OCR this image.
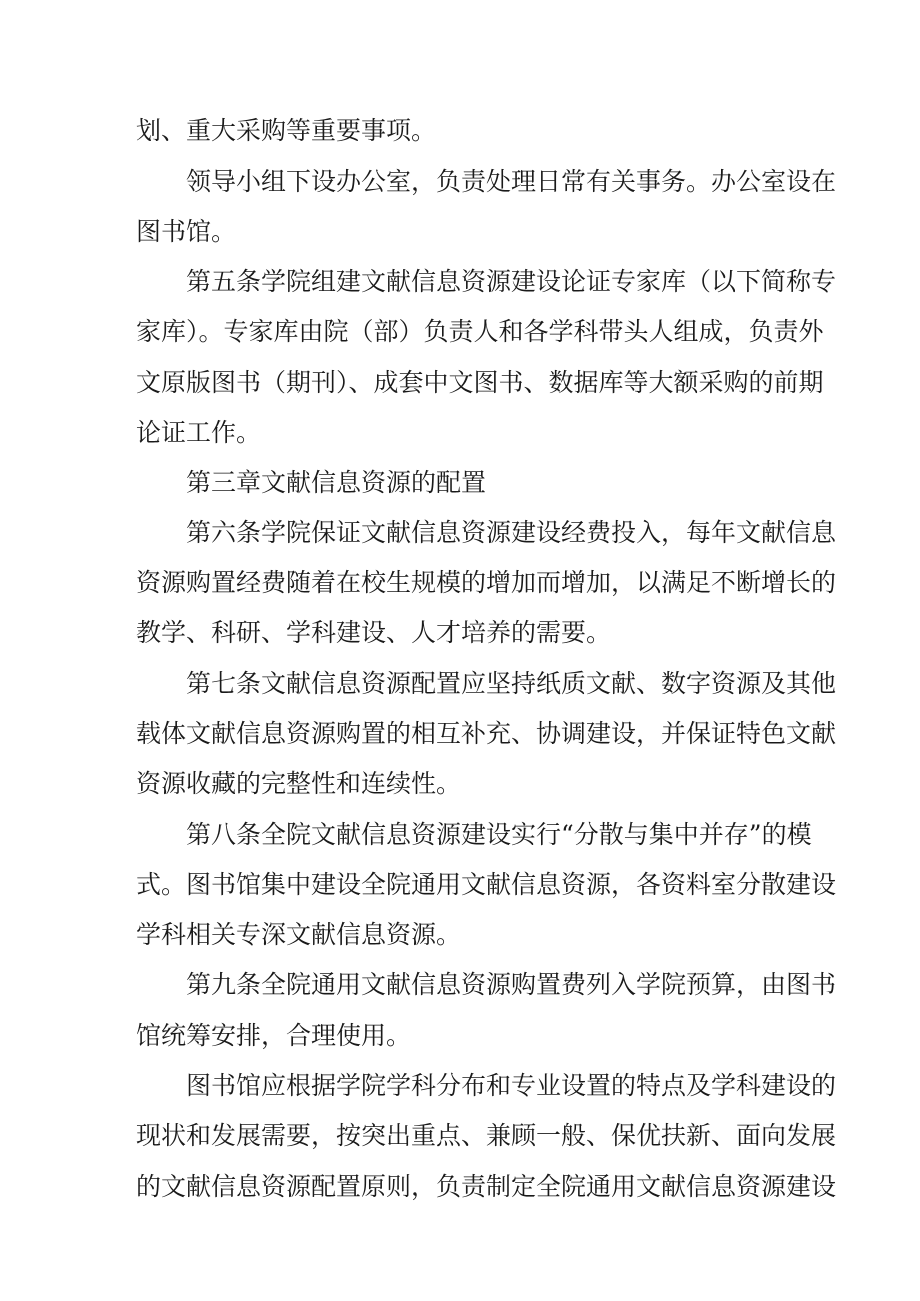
划、重大采购等重要事项。
领导小组下设办公室，负责处理日常有关事务。办公室设在
图书馆。
第五条学院组建文献信息资源建设论证专家库（以下简称专
家库）。专家库由院（部）负责人和各学科带头人组成，负责外
文原版图书（期刊）、成套中文图书、数据库等大额采购的前期
论证工作。
第三章文献信息资源的配置
第六条学院保证文献信息资源建设经费投入，每年文献信息
资源购置经费随着在校生规模的增加而增加，以满足不断增长的
教学、科研、学科建设、人才培养的需要。
第七条文献信息资源配置应坚持纸质文献、数字资源及其他
载体文献信息资源购置的相互补充、协调建设，并保证特色文献
资源收藏的完整性和连续性。
第八条全院文献信息资源建设实行“分散与集中并存”的模
式。图书馆集中建设全院通用文献信息资源，各资料室分散建设
学科相关专深文献信息资源。
第九条全院通用文献信息资源购置费列入学院预算，由图书
馆统筹安排，合理使用。
图书馆应根据学院学科分布和专业设置的特点及学科建设的
现状和发展需要，按突出重点、兼顾一般、保优扶新、面向发展
的文献信息资源配置原则，负责制定全院通用文献信息资源建设
